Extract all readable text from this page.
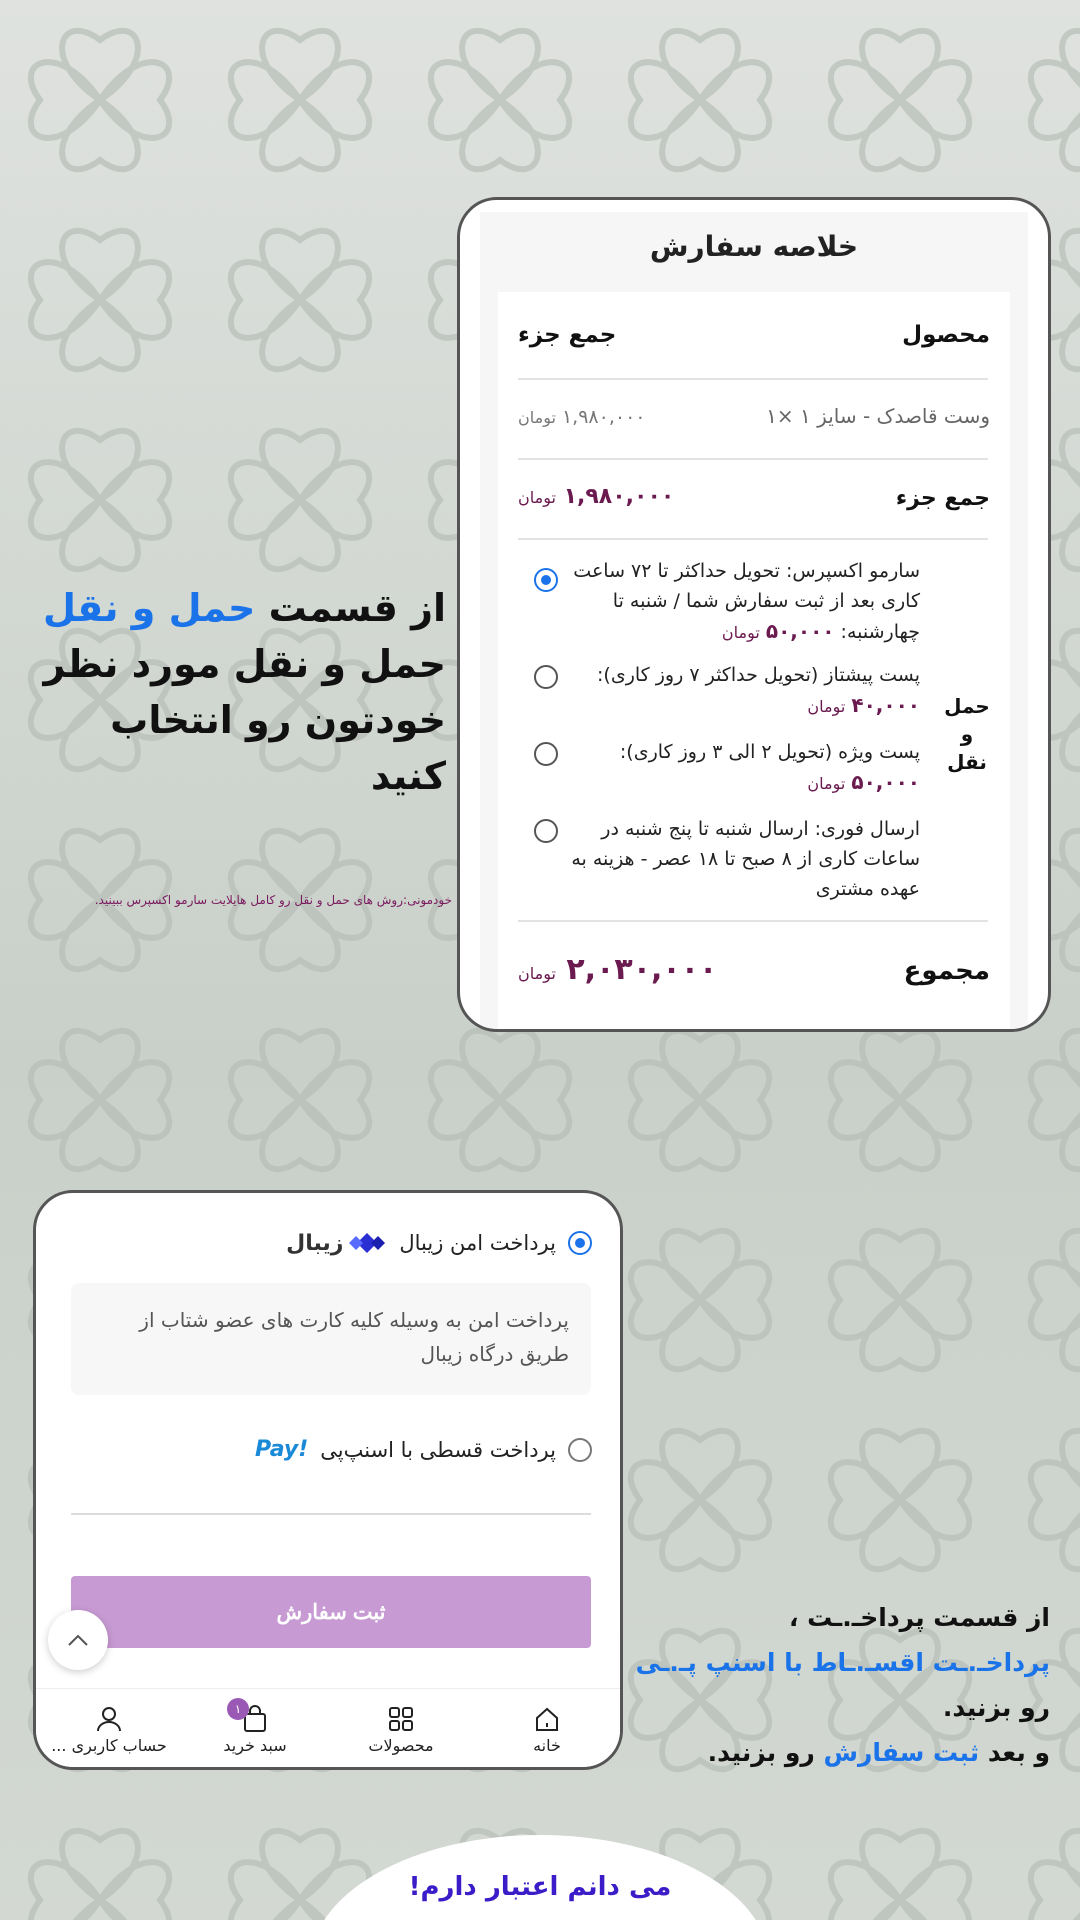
خلاصه سفارش
محصول
جمع جزء
وست قاصدک - سایز ۱ ×۱
۱,۹۸۰,۰۰۰ تومان
جمع جزء
۱,۹۸۰,۰۰۰ تومان
حمل و نقل
سارمو اکسپرس: تحویل حداکثر تا ۷۲ ساعت کاری بعد از ثبت سفارش شما / شنبه تا چهارشنبه: ۵۰,۰۰۰ تومان
پست پیشتاز (تحویل حداکثر ۷ روز کاری): ۴۰,۰۰۰ تومان
پست ویژه (تحویل ۲ الی ۳ روز کاری): ۵۰,۰۰۰ تومان
ارسال فوری: ارسال شنبه تا پنج شنبه در ساعات کاری از ۸ صبح تا ۱۸ عصر - هزینه به عهده مشتری
مجموع
۲,۰۳۰,۰۰۰ تومان
از قسمت حمل و نقل حمل و نقل مورد نظر خودتون رو انتخاب کنید
خودمونی:روش های حمل و نقل رو کامل هایلایت سارمو اکسپرس ببینید.
پرداخت امن زیبال
زیبال
پرداخت امن به وسیله کلیه کارت های عضو شتاب از طریق درگاه زیبال
پرداخت قسطی با اسنپ‌پی
Pay!
ثبت سفارش
خانه
محصولات
۱
سبد خرید
حساب کاربری ...
از قسمت پرداخـ.ـت ،
پرداخـ.ـت اقسـ.ـاط با اسنپ پـ.ـی
رو بزنید.
و بعد ثبت سفارش رو بزنید.
می دانم اعتبار دارم!
